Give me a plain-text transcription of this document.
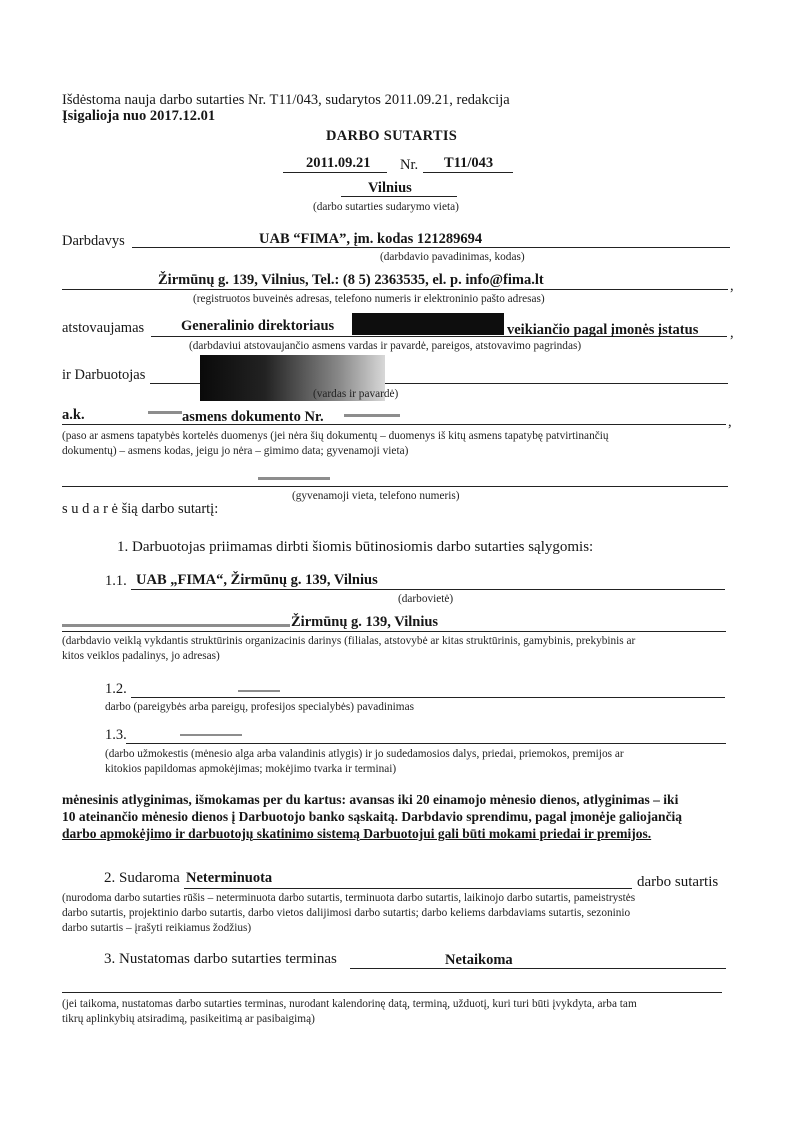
Išdėstoma nauja darbo sutarties Nr. T11/043, sudarytos 2011.09.21, redakcija
Įsigalioja nuo 2017.12.01
DARBO SUTARTIS
2011.09.21 Nr. T11/043
Vilnius
(darbo sutarties sudarymo vieta)
Darbdavys	UAB “FIMA”, įm. kodas 121289694
(darbdavio pavadinimas, kodas)
Žirmūnų g. 139, Vilnius, Tel.: (8 5) 2363535, el. p. info@fima.lt	,
(registruotos buveinės adresas, telefono numeris ir elektroninio pašto adresas)
atstovaujamas	Generalinio direktoriaus	veikiančio pagal įmonės įstatus ,
(darbdaviui atstovaujančio asmens vardas ir pavardė, pareigos, atstovavimo pagrindas)
ir Darbuotojas
(vardas ir pavardė)
a.k.	asmens dokumento Nr.	,
(paso ar asmens tapatybės kortelės duomenys (jei nėra šių dokumentų – duomenys iš kitų asmens tapatybę patvirtinančių
dokumentų) – asmens kodas, jeigu jo nėra – gimimo data; gyvenamoji vieta)
(gyvenamoji vieta, telefono numeris)
s u d a r ė šią darbo sutartį:
1. Darbuotojas priimamas dirbti šiomis būtinosiomis darbo sutarties sąlygomis:
1.1. UAB „FIMA“, Žirmūnų g. 139, Vilnius
(darbovietė)
Žirmūnų g. 139, Vilnius
(darbdavio veiklą vykdantis struktūrinis organizacinis darinys (filialas, atstovybė ar kitas struktūrinis, gamybinis, prekybinis ar
kitos veiklos padalinys, jo adresas)
1.2.
darbo (pareigybės arba pareigų, profesijos specialybės) pavadinimas
1.3.
(darbo užmokestis (mėnesio alga arba valandinis atlygis) ir jo sudedamosios dalys, priedai, priemokos, premijos ar
kitokios papildomas apmokėjimas; mokėjimo tvarka ir terminai)
mėnesinis atlyginimas, išmokamas per du kartus: avansas iki 20 einamojo mėnesio dienos, atlyginimas – iki
10 ateinančio mėnesio dienos į Darbuotojo banko sąskaitą. Darbdavio sprendimu, pagal įmonėje galiojančią
darbo apmokėjimo ir darbuotojų skatinimo sistemą Darbuotojui gali būti mokami priedai ir premijos.
2. Sudaroma Neterminuota	darbo sutartis
(nurodoma darbo sutarties rūšis – neterminuota darbo sutartis, terminuota darbo sutartis, laikinojo darbo sutartis, pameistrystės
darbo sutartis, projektinio darbo sutartis, darbo vietos dalijimosi darbo sutartis; darbo keliems darbdaviams sutartis, sezoninio
darbo sutartis – įrašyti reikiamus žodžius)
3. Nustatomas darbo sutarties terminas	Netaikoma
(jei taikoma, nustatomas darbo sutarties terminas, nurodant kalendorinę datą, terminą, užduotį, kuri turi būti įvykdyta, arba tam
tikrų aplinkybių atsiradimą, pasikeitimą ar pasibaigimą)
